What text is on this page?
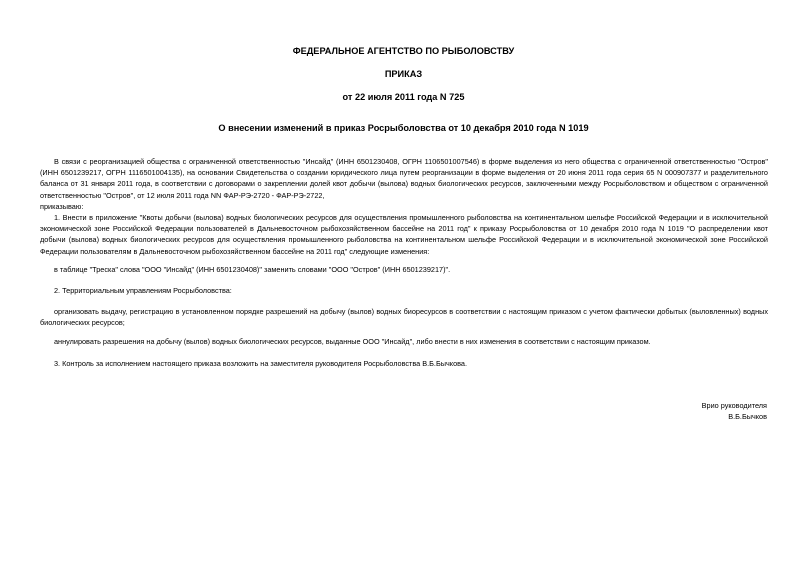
ФЕДЕРАЛЬНОЕ АГЕНТСТВО ПО РЫБОЛОВСТВУ

ПРИКАЗ

от 22 июля 2011 года N 725

О внесении изменений в приказ Росрыболовства от 10 декабря 2010 года N 1019

В связи с реорганизацией общества с ограниченной ответственностью "Инсайд" (ИНН 6501230408, ОГРН 1106501007546) в форме выделения из него общества с ограниченной ответственностью "Остров" (ИНН 6501239217, ОГРН 1116501004135), на основании Свидетельства о создании юридического лица путем реорганизации в форме выделения от 20 июня 2011 года серия 65 N 000907377 и разделительного баланса от 31 января 2011 года, в соответствии с договорами о закреплении долей квот добычи (вылова) водных биологических ресурсов, заключенными между Росрыболовством и обществом с ограниченной ответственностью "Остров", от 12 июля 2011 года NN ФАР-РЭ-2720 - ФАР-РЭ-2722,

приказываю:

1. Внести в приложение "Квоты добычи (вылова) водных биологических ресурсов для осуществления промышленного рыболовства на континентальном шельфе Российской Федерации и в исключительной экономической зоне Российской Федерации пользователей в Дальневосточном рыбохозяйственном бассейне на 2011 год" к приказу Росрыболовства от 10 декабря 2010 года N 1019 "О распределении квот добычи (вылова) водных биологических ресурсов для осуществления промышленного рыболовства на континентальном шельфе Российской Федерации и в исключительной экономической зоне Российской Федерации пользователям в Дальневосточном рыбохозяйственном бассейне на 2011 год" следующие изменения:

в таблице "Треска" слова "ООО "Инсайд" (ИНН 6501230408)" заменить словами "ООО "Остров" (ИНН 6501239217)".

2. Территориальным управлениям Росрыболовства:

организовать выдачу, регистрацию в установленном порядке разрешений на добычу (вылов) водных биоресурсов в соответствии с настоящим приказом с учетом фактически добытых (выловленных) водных биологических ресурсов;

аннулировать разрешения на добычу (вылов) водных биологических ресурсов, выданные ООО "Инсайд", либо внести в них изменения в соответствии с настоящим приказом.

3. Контроль за исполнением настоящего приказа возложить на заместителя руководителя Росрыболовства В.Б.Бычкова.

Врио руководителя

В.Б.Бычков
